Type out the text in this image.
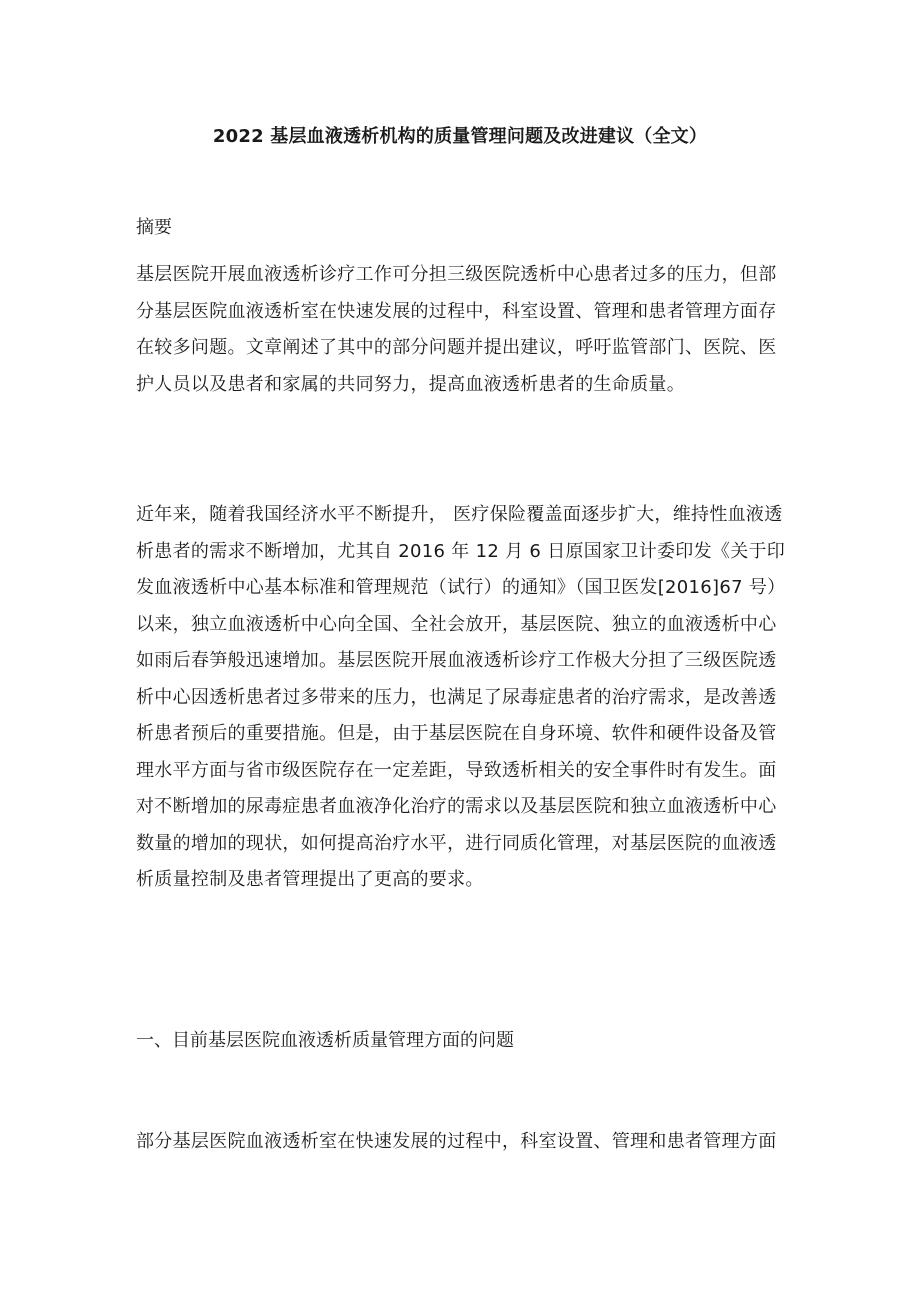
2022 基层血液透析机构的质量管理问题及改进建议（全文）
摘要
基层医院开展血液透析诊疗工作可分担三级医院透析中心患者过多的压力，但部
分基层医院血液透析室在快速发展的过程中，科室设置、管理和患者管理方面存
在较多问题。文章阐述了其中的部分问题并提出建议，呼吁监管部门、医院、医
护人员以及患者和家属的共同努力，提高血液透析患者的生命质量。
近年来，随着我国经济水平不断提升， 医疗保险覆盖面逐步扩大，维持性血液透
析患者的需求不断增加，尤其自 2016 年 12 月 6 日原国家卫计委印发《关于印
发血液透析中心基本标准和管理规范（试行）的通知》（国卫医发[2016]67 号）
以来，独立血液透析中心向全国、全社会放开，基层医院、独立的血液透析中心
如雨后春笋般迅速增加。基层医院开展血液透析诊疗工作极大分担了三级医院透
析中心因透析患者过多带来的压力，也满足了尿毒症患者的治疗需求，是改善透
析患者预后的重要措施。但是，由于基层医院在自身环境、软件和硬件设备及管
理水平方面与省市级医院存在一定差距，导致透析相关的安全事件时有发生。面
对不断增加的尿毒症患者血液净化治疗的需求以及基层医院和独立血液透析中心
数量的增加的现状，如何提高治疗水平，进行同质化管理，对基层医院的血液透
析质量控制及患者管理提出了更高的要求。
一、目前基层医院血液透析质量管理方面的问题
部分基层医院血液透析室在快速发展的过程中，科室设置、管理和患者管理方面
